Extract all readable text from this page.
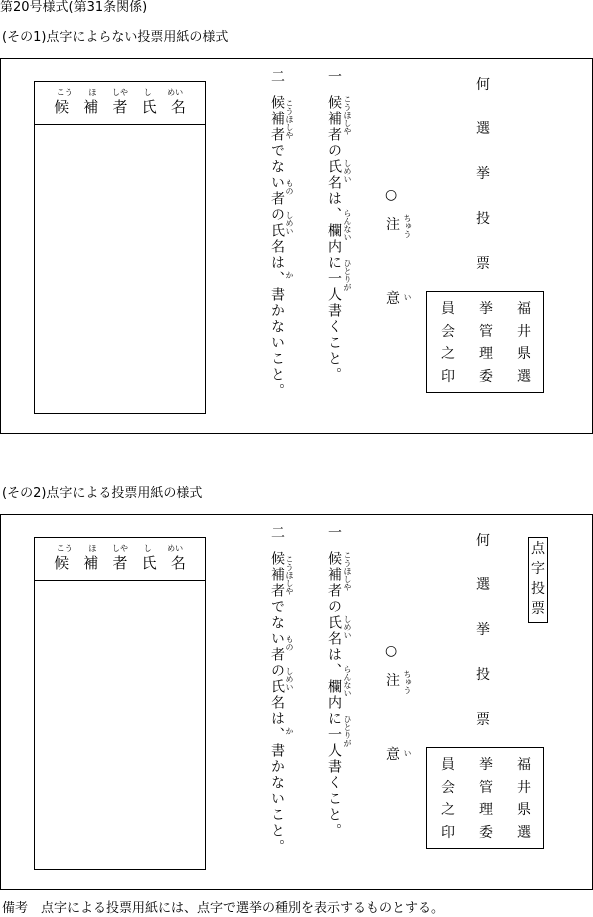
第20号様式(第31条関係)
(その1)点字によらない投票用紙の様式
こう ほ しや し めい
候 補 者 氏 名
二
候補者でない者の氏名は、書かないこと。 こうほしや
もの
しめい
か
一
候補者の氏名は、欄内に一人書くこと。 こうほしや
しめい
らんない
ひとりが
○
注 ちゅう
意 い
何
選
挙
投
票
員
会
之
印
挙
管
理
委
福
井
県
選
(その2)点字による投票用紙の様式
こう ほ しや し めい
候 補 者 氏 名
二
候補者でない者の氏名は、書かないこと。 こうほしや
もの
しめい
か
一
候補者の氏名は、欄内に一人書くこと。 こうほしや
しめい
らんない
ひとりが
○
注 ちゅう
意 い
何
選
挙
投
票
点
字
投
票
員
会
之
印
挙
管
理
委
福
井
県
選
備考　点字による投票用紙には、点字で選挙の種別を表示するものとする。
